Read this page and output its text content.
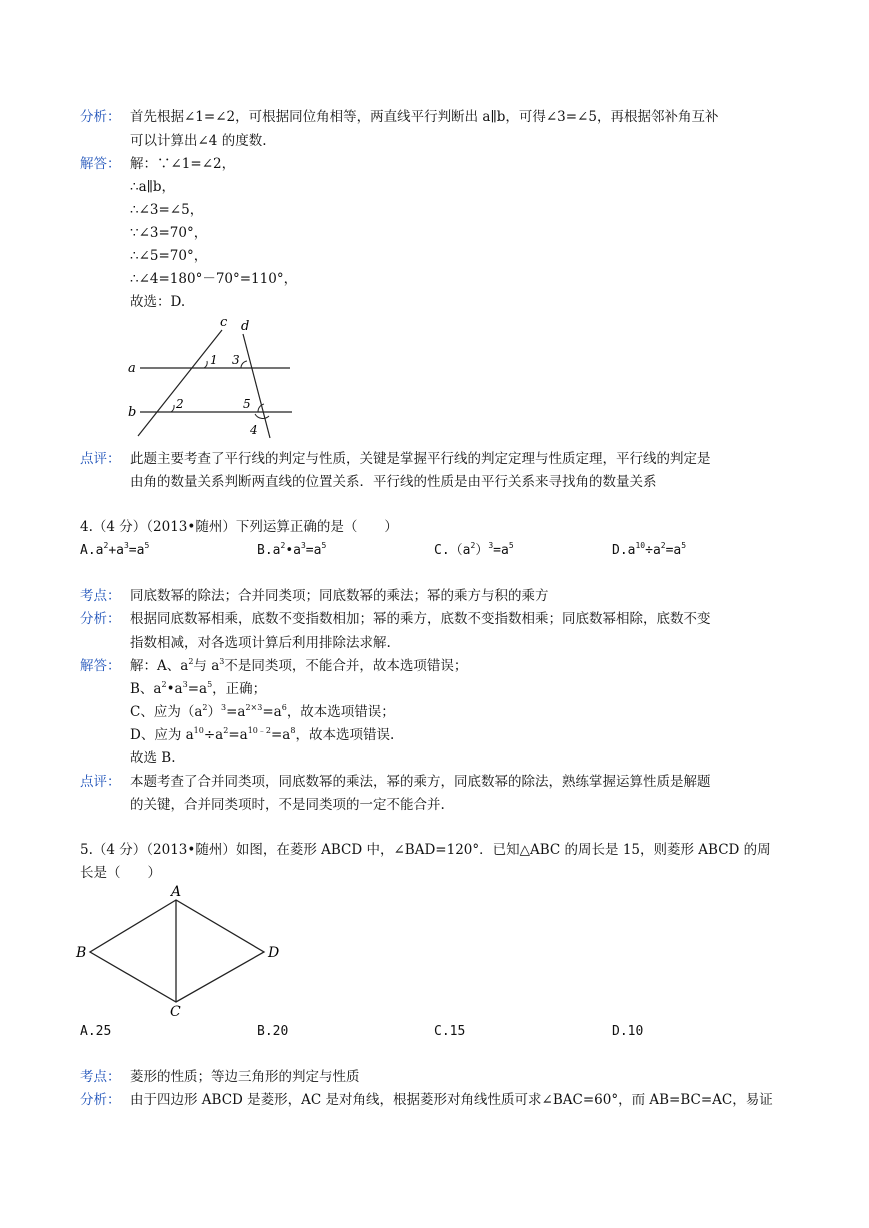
分析： 首先根据∠1=∠2，可根据同位角相等，两直线平行判断出 a∥b，可得∠3=∠5，再根据邻补角互补
可以计算出∠4 的度数.
解答： 解：∵∠1=∠2，
∴a∥b，
∴∠3=∠5，
∵∠3=70°，
∴∠5=70°，
∴∠4=180°－70°=110°，
故选：D.
c d
a
b
1 3
2	5
4
点评： 此题主要考查了平行线的判定与性质，关键是掌握平行线的判定定理与性质定理，平行线的判定是
由角的数量关系判断两直线的位置关系．平行线的性质是由平行关系来寻找角的数量关系
4.（4 分）（2013•随州）下列运算正确的是（　　）
$A.a^2+a^3=a^5$	$B.a^2•a^3=a^5$	$C.(a^2)^3=a^5$	$D.a^{10}\div a^2=a^5$
考点： 同底数幂的除法；合并同类项；同底数幂的乘法；幂的乘方与积的乘方
分析： 根据同底数幂相乘，底数不变指数相加；幂的乘方，底数不变指数相乘；同底数幂相除，底数不变
指数相减，对各选项计算后利用排除法求解.
解答： 解：A、$a^2$与 $a^3$不是同类项，不能合并，故本选项错误；
B、$a^2•a^3=a^5$，正确；
C、应为$(a^2)^3=a^{2\times 3}=a^6$，故本选项错误；
D、应为 $a^{10}\div a^2=a^{10﹣2}=a^8$，故本选项错误.
故选 B.
点评： 本题考查了合并同类项，同底数幂的乘法，幂的乘方，同底数幂的除法，熟练掌握运算性质是解题
的关键，合并同类项时，不是同类项的一定不能合并.
5.（4 分）（2013•随州）如图，在菱形 ABCD 中，∠BAD=120°．已知△ABC 的周长是 15，则菱形 ABCD 的周
长是（　　）
A
B
C
D
A.25	B.20	C.15	D.10
考点： 菱形的性质；等边三角形的判定与性质
分析： 由于四边形 ABCD 是菱形，AC 是对角线，根据菱形对角线性质可求∠BAC=60°，而 AB=BC=AC，易证
